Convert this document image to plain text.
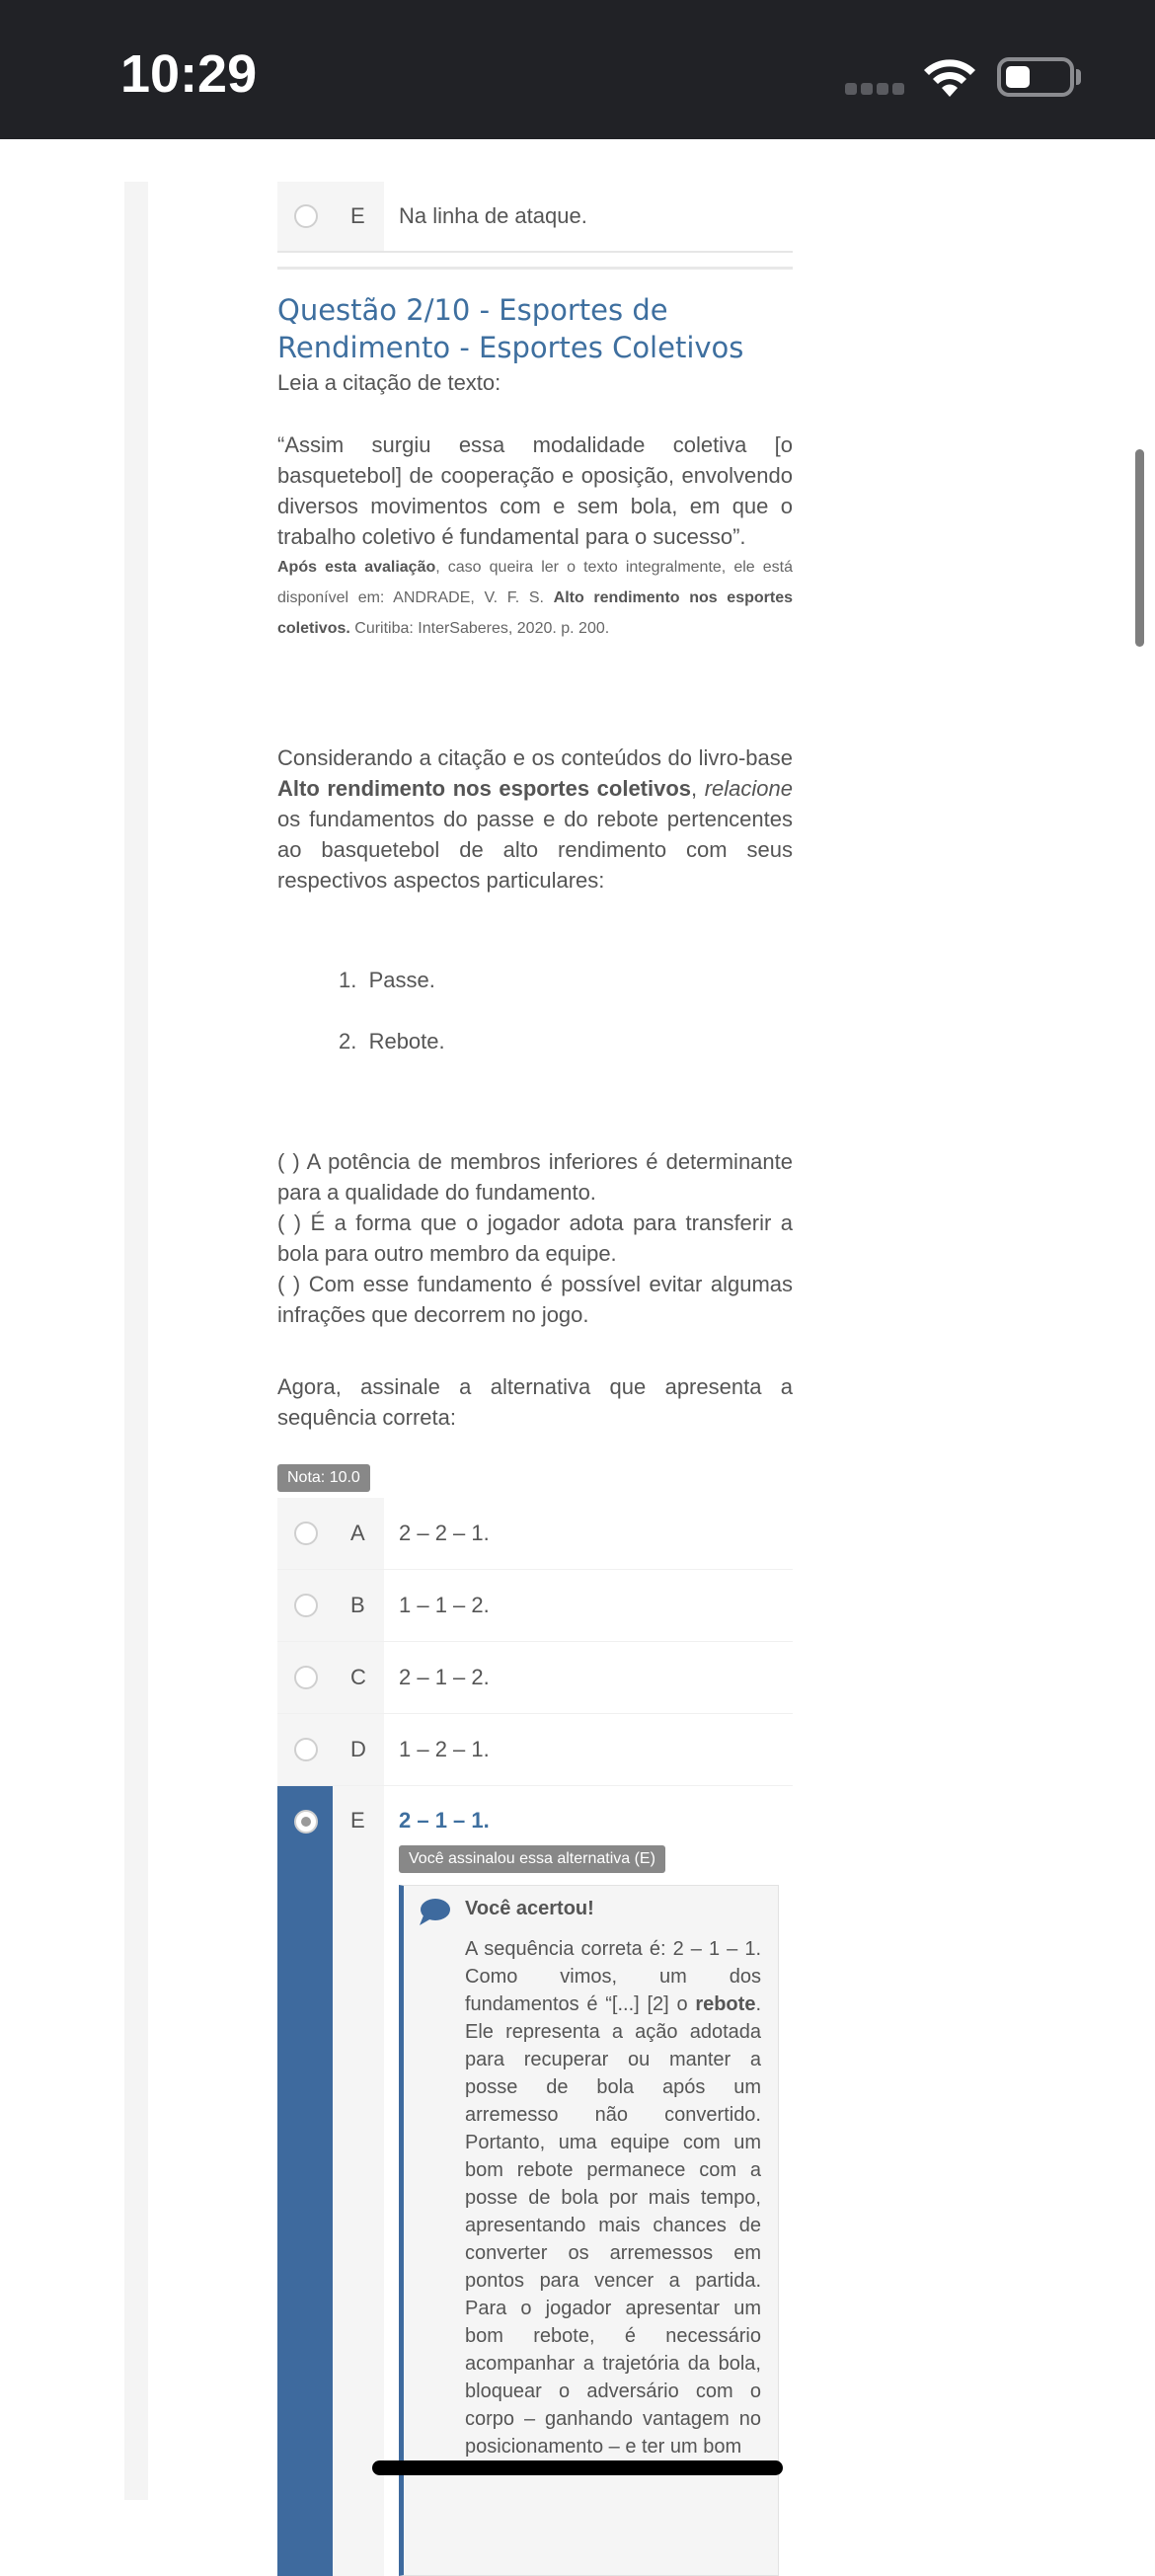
10:29
E Na linha de ataque.
Questão 2/10 - Esportes de Rendimento - Esportes Coletivos
Leia a citação de texto:
“Assim surgiu essa modalidade coletiva [o basquetebol] de cooperação e oposição, envolvendo diversos movimentos com e sem bola, em que o trabalho coletivo é fundamental para o sucesso”.
Após esta avaliação, caso queira ler o texto integralmente, ele está disponível em: ANDRADE, V. F. S. Alto rendimento nos esportes coletivos. Curitiba: InterSaberes, 2020. p. 200.
Considerando a citação e os conteúdos do livro-base Alto rendimento nos esportes coletivos, relacione os fundamentos do passe e do rebote pertencentes ao basquetebol de alto rendimento com seus respectivos aspectos particulares:
1.  Passe.
2.  Rebote.
( ) A potência de membros inferiores é determinante para a qualidade do fundamento.
( ) É a forma que o jogador adota para transferir a bola para outro membro da equipe.
( ) Com esse fundamento é possível evitar algumas infrações que decorrem no jogo.
Agora, assinale a alternativa que apresenta a sequência correta:
Nota: 10.0
A 2 – 2 – 1.
B 1 – 1 – 2.
C 2 – 1 – 2.
D 1 – 2 – 1.
E 2 – 1 – 1.
Você assinalou essa alternativa (E)
Você acertou!
A sequência correta é: 2 – 1 – 1. Como vimos, um dos fundamentos é “[...] [2] o rebote. Ele representa a ação adotada para recuperar ou manter a posse de bola após um arremesso não convertido. Portanto, uma equipe com um bom rebote permanece com a posse de bola por mais tempo, apresentando mais chances de converter os arremessos em pontos para vencer a partida. Para o jogador apresentar um bom rebote, é necessário acompanhar a trajetória da bola, bloquear o adversário com o corpo – ganhando vantagem no posicionamento – e ter um bom
